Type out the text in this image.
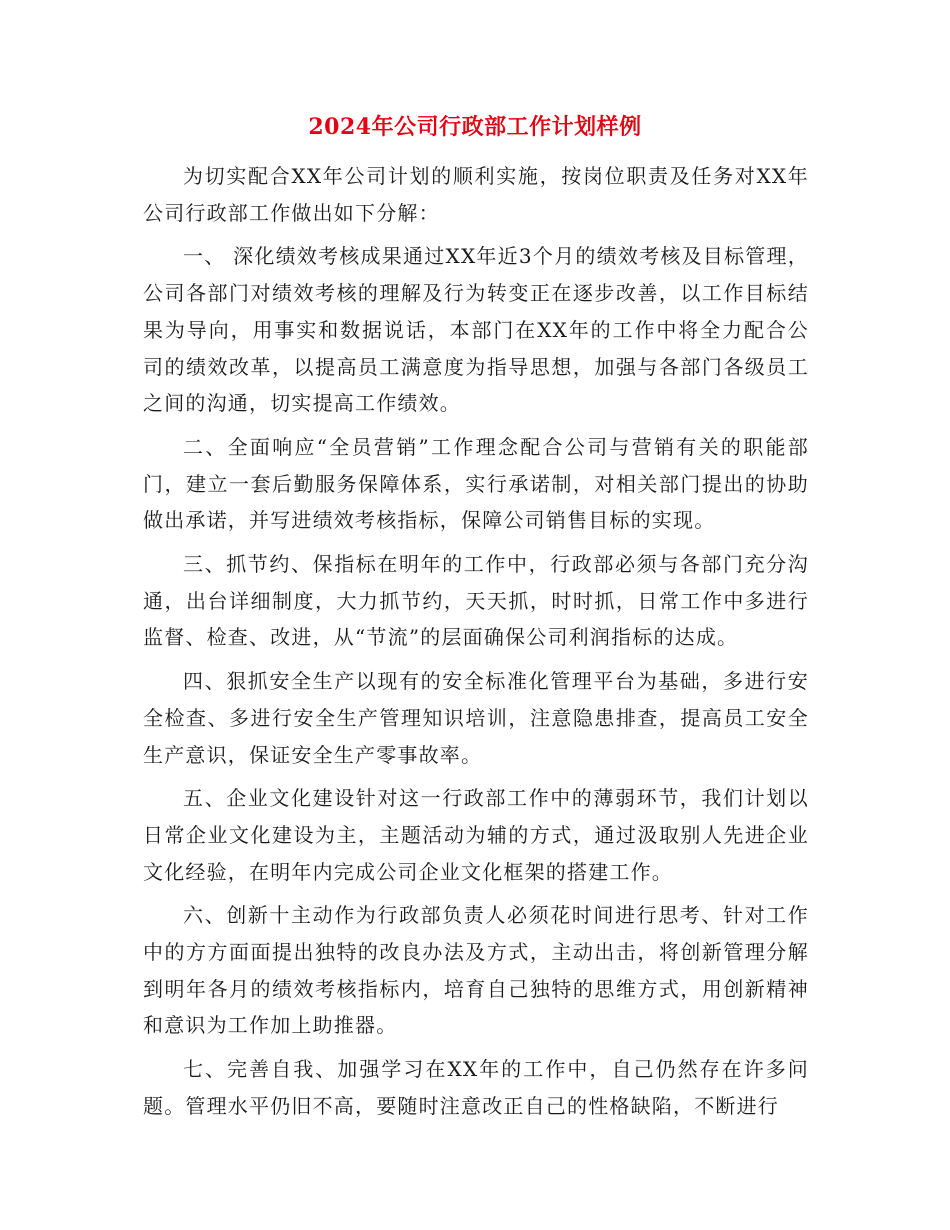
2024年公司行政部工作计划样例

为切实配合XX年公司计划的顺利实施，按岗位职责及任务对XX年公司行政部工作做出如下分解：

一、 深化绩效考核成果通过XX年近3个月的绩效考核及目标管理，公司各部门对绩效考核的理解及行为转变正在逐步改善，以工作目标结果为导向，用事实和数据说话，本部门在XX年的工作中将全力配合公司的绩效改革，以提高员工满意度为指导思想，加强与各部门各级员工之间的沟通，切实提高工作绩效。

二、全面响应“全员营销”工作理念配合公司与营销有关的职能部门，建立一套后勤服务保障体系，实行承诺制，对相关部门提出的协助做出承诺，并写进绩效考核指标，保障公司销售目标的实现。

三、抓节约、保指标在明年的工作中，行政部必须与各部门充分沟通，出台详细制度，大力抓节约，天天抓，时时抓，日常工作中多进行监督、检查、改进，从“节流”的层面确保公司利润指标的达成。

四、狠抓安全生产以现有的安全标准化管理平台为基础，多进行安全检查、多进行安全生产管理知识培训，注意隐患排查，提高员工安全生产意识，保证安全生产零事故率。

五、企业文化建设针对这一行政部工作中的薄弱环节，我们计划以日常企业文化建设为主，主题活动为辅的方式，通过汲取别人先进企业文化经验，在明年内完成公司企业文化框架的搭建工作。

六、创新十主动作为行政部负责人必须花时间进行思考、针对工作中的方方面面提出独特的改良办法及方式，主动出击，将创新管理分解到明年各月的绩效考核指标内，培育自己独特的思维方式，用创新精神和意识为工作加上助推器。

七、完善自我、加强学习在XX年的工作中，自己仍然存在许多问题。管理水平仍旧不高，要随时注意改正自己的性格缺陷，不断进行
